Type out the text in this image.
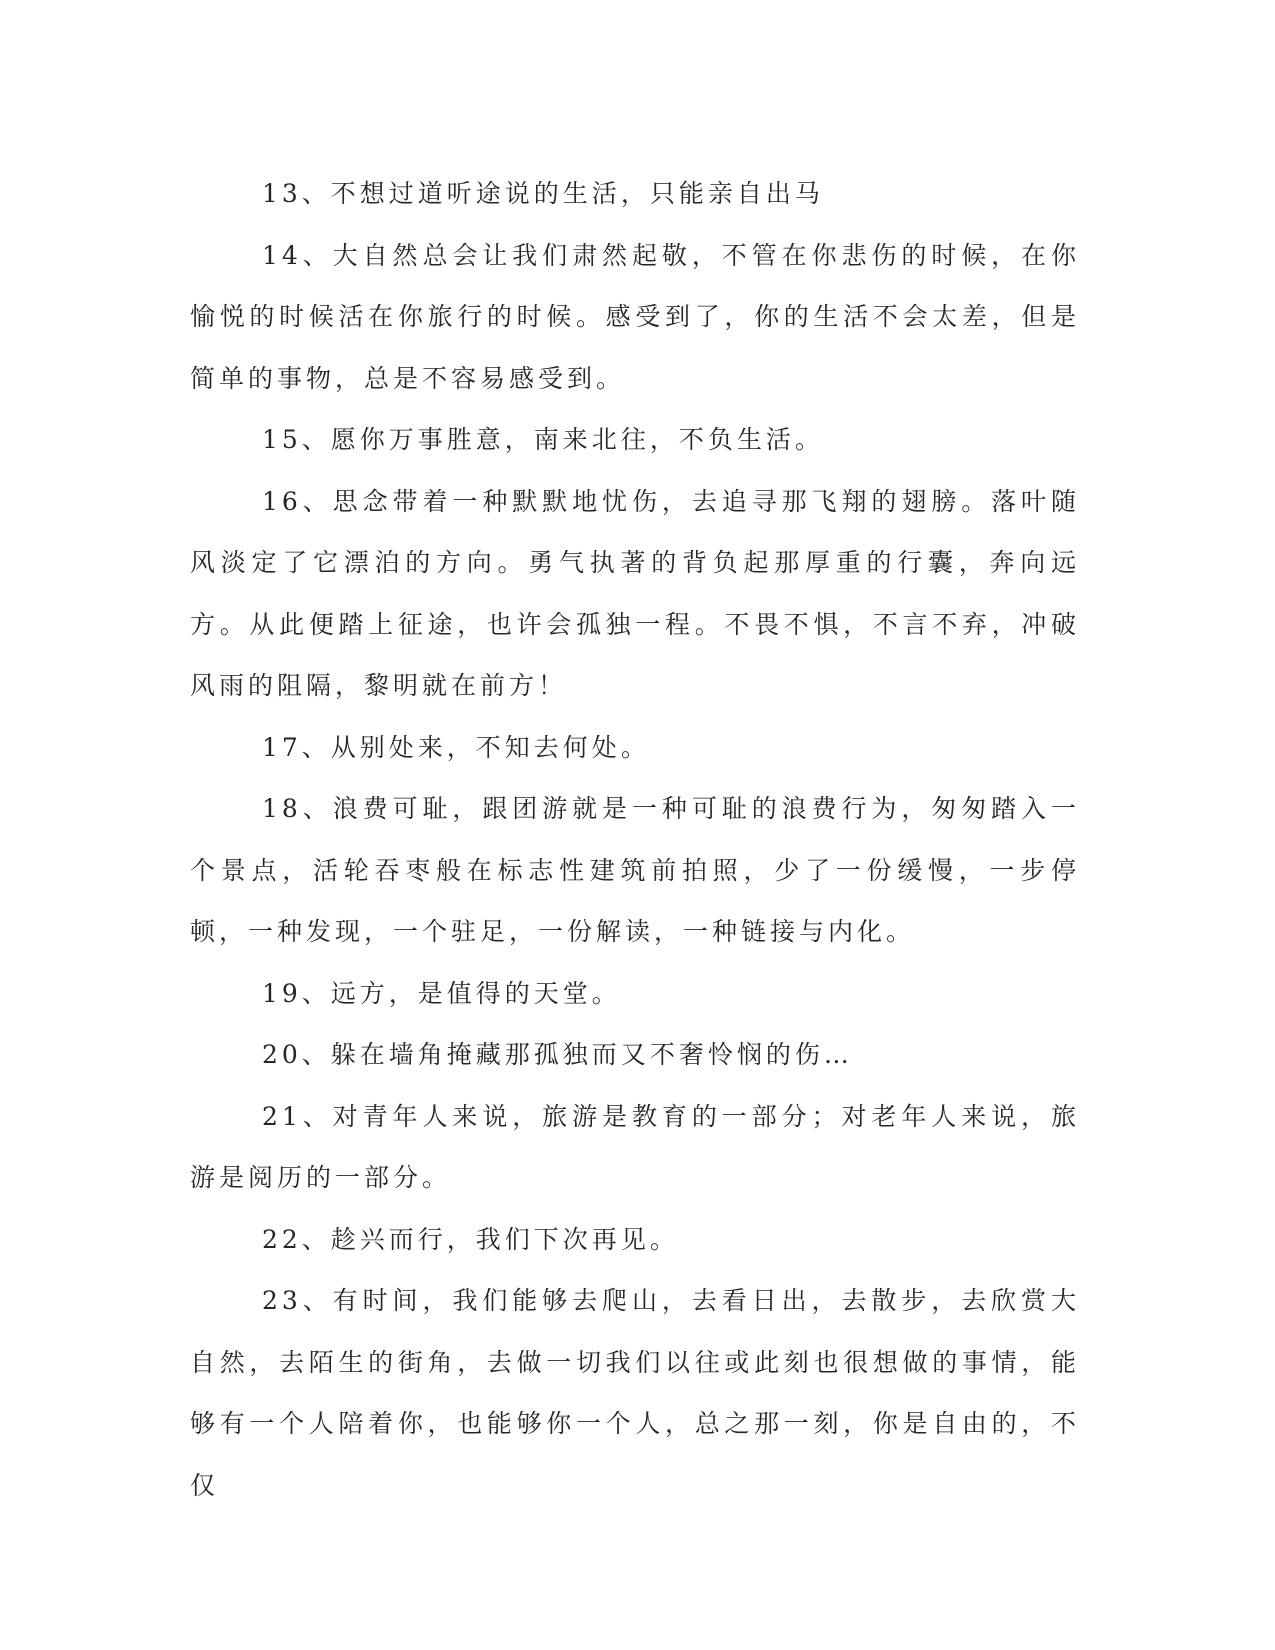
13、不想过道听途说的生活，只能亲自出马

14、大自然总会让我们肃然起敬，不管在你悲伤的时候，在你愉悦的时候活在你旅行的时候。感受到了，你的生活不会太差，但是简单的事物，总是不容易感受到。

15、愿你万事胜意，南来北往，不负生活。

16、思念带着一种默默地忧伤，去追寻那飞翔的翅膀。落叶随风淡定了它漂泊的方向。勇气执著的背负起那厚重的行囊，奔向远方。从此便踏上征途，也许会孤独一程。不畏不惧，不言不弃，冲破风雨的阻隔，黎明就在前方！

17、从别处来，不知去何处。

18、浪费可耻，跟团游就是一种可耻的浪费行为，匆匆踏入一个景点，活轮吞枣般在标志性建筑前拍照，少了一份缓慢，一步停顿，一种发现，一个驻足，一份解读，一种链接与内化。

19、远方，是值得的天堂。

20、躲在墙角掩藏那孤独而又不奢怜悯的伤…

21、对青年人来说，旅游是教育的一部分；对老年人来说，旅游是阅历的一部分。

22、趁兴而行，我们下次再见。

23、有时间，我们能够去爬山，去看日出，去散步，去欣赏大自然，去陌生的街角，去做一切我们以往或此刻也很想做的事情，能够有一个人陪着你，也能够你一个人，总之那一刻，你是自由的，不仅
